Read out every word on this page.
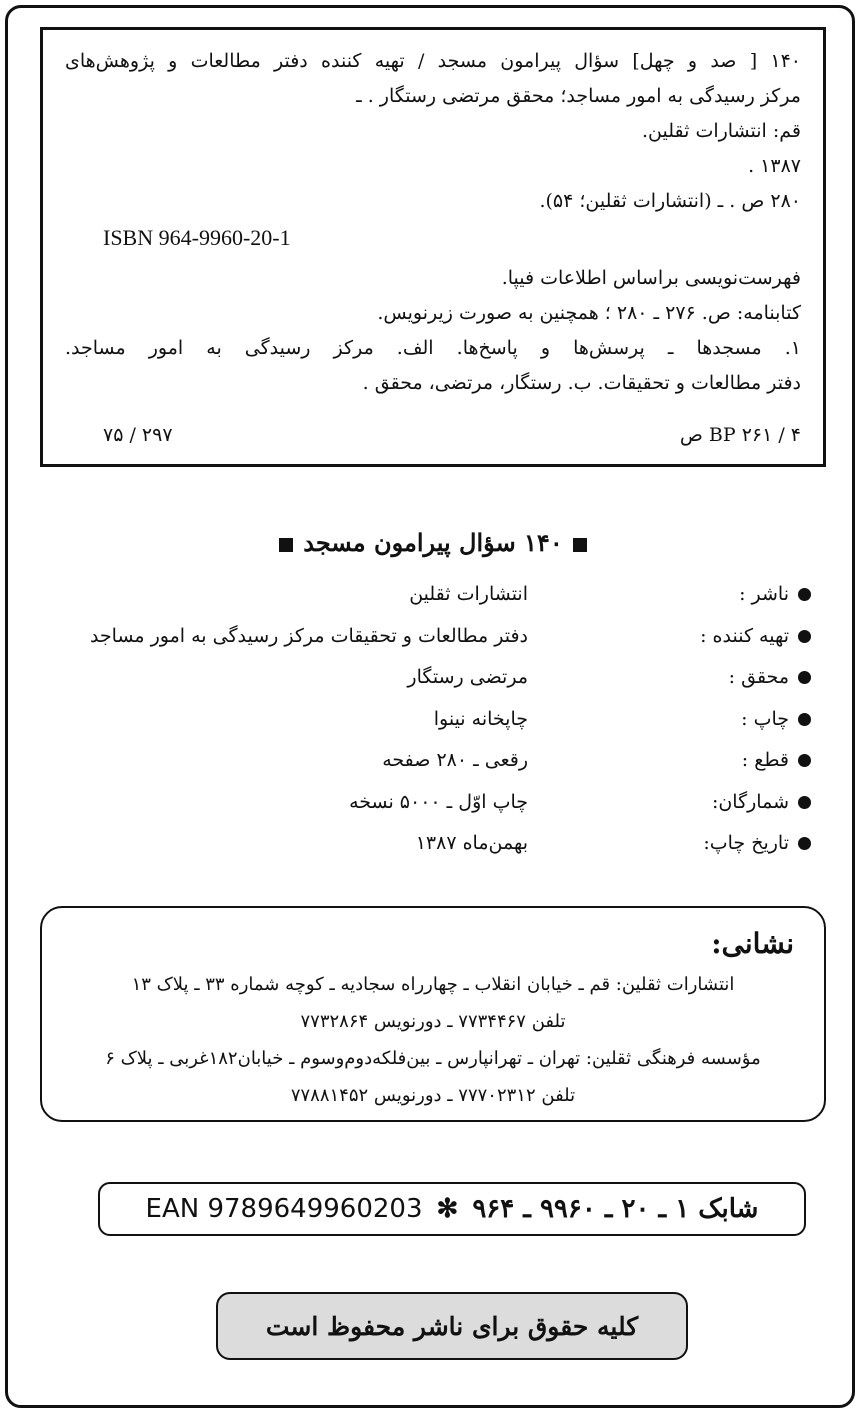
۱۴۰ [ صد و چهل] سؤال پیرامون مسجد / تهیه کننده دفتر مطالعات و پژوهش‌های
مرکز رسیدگی به امور مساجد؛ محقق مرتضی رستگار . ـ
قم: انتشارات ثقلین.
۱۳۸۷ .
۲۸۰ ص . ـ (انتشارات ثقلین؛ ۵۴).
ISBN 964-9960-20-1
فهرست‌نویسی براساس اطلاعات فیپا.
کتابنامه: ص. ۲۷۶ ـ ۲۸۰ ؛ همچنین به صورت زیرنویس.
۱. مسجدها ـ پرسش‌ها و پاسخ‌ها. الف. مرکز رسیدگی به امور مساجد.
دفتر مطالعات و تحقیقات. ب. رستگار، مرتضی، محقق .
BP ۲۶۱ / ۴ ص
۲۹۷ / ۷۵
۱۴۰ سؤال پیرامون مسجد
ناشر :
انتشارات ثقلین
تهیه کننده :
دفتر مطالعات و تحقیقات مرکز رسیدگی به امور مساجد
محقق :
مرتضی رستگار
چاپ :
چاپخانه نینوا
قطع :
رقعی ـ ۲۸۰ صفحه
شمارگان:
چاپ اوّل ـ ۵۰۰۰ نسخه
تاریخ چاپ:
بهمن‌ماه ۱۳۸۷
نشانی:
انتشارات ثقلین: قم ـ خیابان انقلاب ـ چهارراه سجادیه ـ کوچه شماره ۳۳ ـ پلاک ۱۳
تلفن ۷۷۳۴۴۶۷ ـ دورنویس ۷۷۳۲۸۶۴
مؤسسه فرهنگی ثقلین: تهران ـ تهرانپارس ـ بین‌فلکه‌دوم‌وسوم ـ خیابان۱۸۲غربی ـ پلاک ۶
تلفن ۷۷۷۰۲۳۱۲ ـ دورنویس ۷۷۸۸۱۴۵۲
EAN 9789649960203 ✻ شابک ۱ ـ ۲۰ ـ ۹۹۶۰ ـ ۹۶۴
کلیه حقوق برای ناشر محفوظ است
